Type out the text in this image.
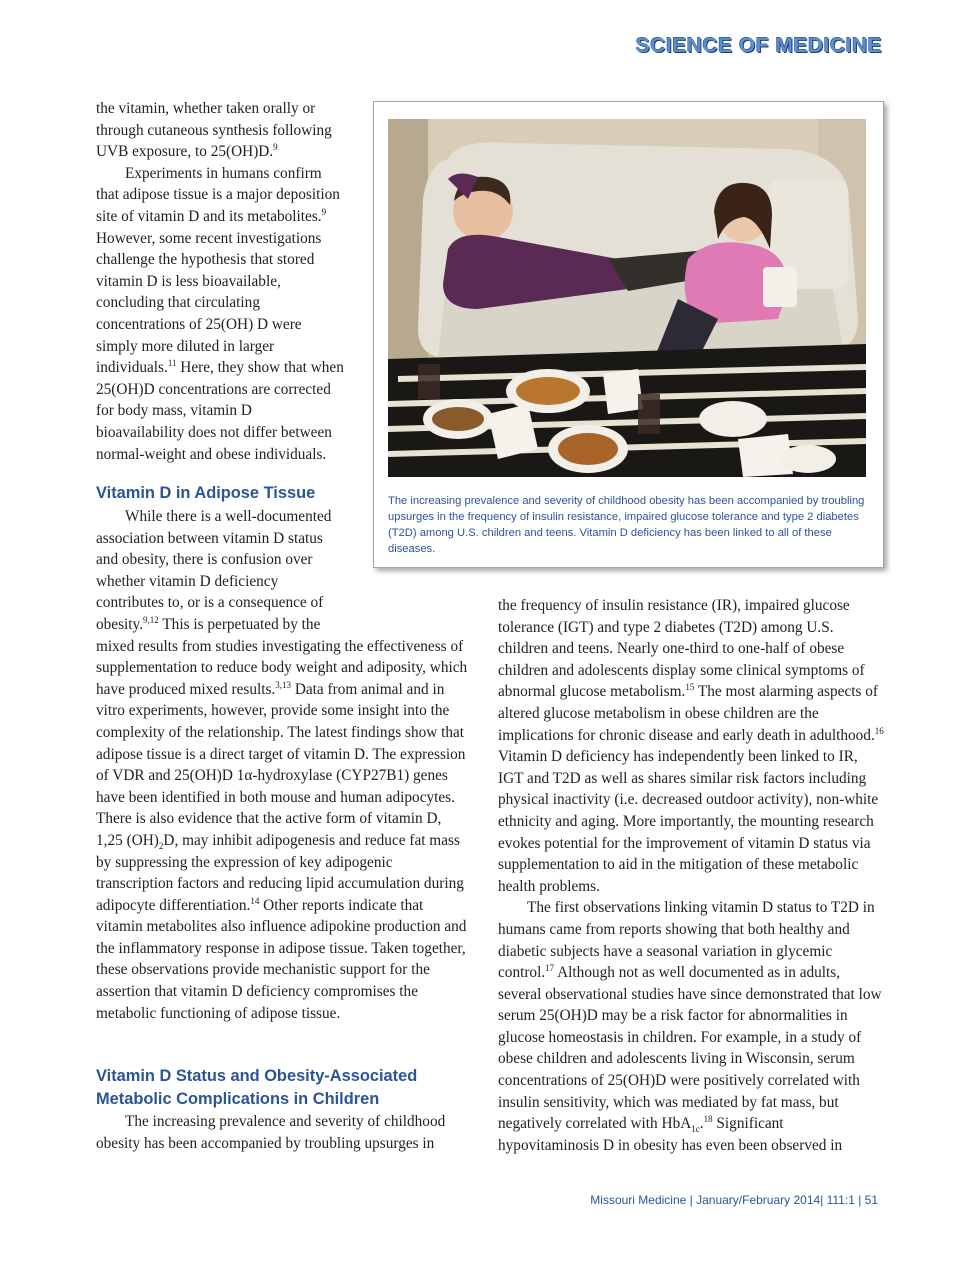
SCIENCE OF MEDICINE

the vitamin, whether taken orally or through cutaneous synthesis following UVB exposure, to 25(OH)D.$^9$

Experiments in humans confirm that adipose tissue is a major deposition site of vitamin D and its metabolites.$^9$ However, some recent investigations challenge the hypothesis that stored vitamin D is less bioavailable, concluding that circulating concentrations of 25(OH) D were simply more diluted in larger individuals.$^{11}$ Here, they show that when 25(OH)D concentrations are corrected for body mass, vitamin D bioavailability does not differ between normal-weight and obese individuals.

Vitamin D in Adipose Tissue

While there is a well-documented association between vitamin D status and obesity, there is confusion over whether vitamin D deficiency contributes to, or is a consequence of obesity.$^{9,12}$ This is perpetuated by the mixed results from studies investigating the effectiveness of supplementation to reduce body weight and adiposity, which have produced mixed results.$^{3,13}$ Data from animal and in vitro experiments, however, provide some insight into the complexity of the relationship. The latest findings show that adipose tissue is a direct target of vitamin D. The expression of VDR and 25(OH)D 1α-hydroxylase (CYP27B1) genes have been identified in both mouse and human adipocytes. There is also evidence that the active form of vitamin D, 1,25 $(OH)_2D$, may inhibit adipogenesis and reduce fat mass by suppressing the expression of key adipogenic transcription factors and reducing lipid accumulation during adipocyte differentiation.$^{14}$ Other reports indicate that vitamin metabolites also influence adipokine production and the inflammatory response in adipose tissue. Taken together, these observations provide mechanistic support for the assertion that vitamin D deficiency compromises the metabolic functioning of adipose tissue.

Vitamin D Status and Obesity-Associated
Metabolic Complications in Children

The increasing prevalence and severity of childhood obesity has been accompanied by troubling upsurges in

the frequency of insulin resistance (IR), impaired glucose tolerance (IGT) and type 2 diabetes (T2D) among U.S. children and teens. Nearly one-third to one-half of obese children and adolescents display some clinical symptoms of abnormal glucose metabolism.$^{15}$ The most alarming aspects of altered glucose metabolism in obese children are the implications for chronic disease and early death in adulthood.$^{16}$ Vitamin D deficiency has independently been linked to IR, IGT and T2D as well as shares similar risk factors including physical inactivity (i.e. decreased outdoor activity), non-white ethnicity and aging. More importantly, the mounting research evokes potential for the improvement of vitamin D status via supplementation to aid in the mitigation of these metabolic health problems.

The first observations linking vitamin D status to T2D in humans came from reports showing that both healthy and diabetic subjects have a seasonal variation in glycemic control.$^{17}$ Although not as well documented as in adults, several observational studies have since demonstrated that low serum 25(OH)D may be a risk factor for abnormalities in glucose homeostasis in children. For example, in a study of obese children and adolescents living in Wisconsin, serum concentrations of 25(OH)D were positively correlated with insulin sensitivity, which was mediated by fat mass, but negatively correlated with HbA$_{1c}$.$^{18}$ Significant hypovitaminosis D in obesity has even been observed in

The increasing prevalence and severity of childhood obesity has been accompanied by troubling upsurges in the frequency of insulin resistance, impaired glucose tolerance and type 2 diabetes (T2D) among U.S. children and teens. Vitamin D deficiency has been linked to all of these diseases.
Missouri Medicine | January/February 2014| 111:1 | 51
